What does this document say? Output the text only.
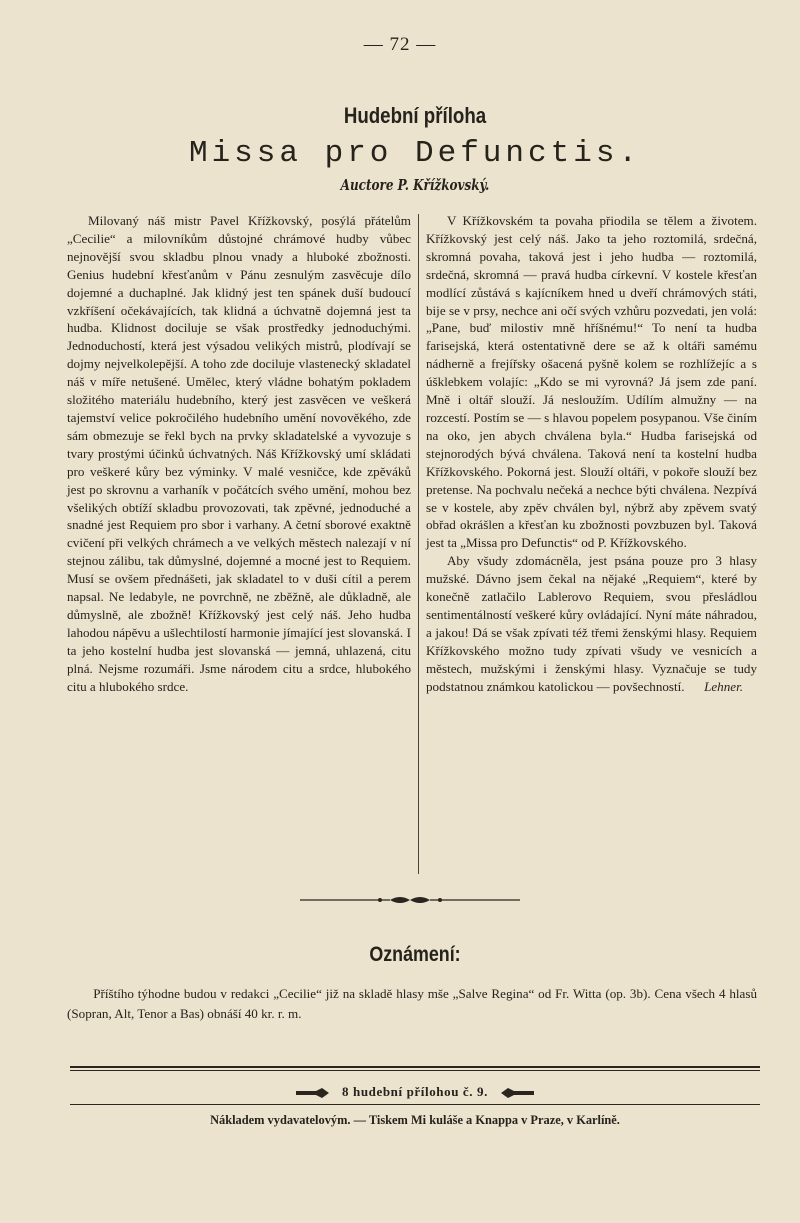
— 72 —
Hudební příloha
Missa pro Defunctis.
Auctore P. Křížkovský.

Milovaný náš mistr Pavel Křížkovský, posýlá přátelům „Cecilie“ a milovníkům důstojné chrámové hudby vůbec nejnovější svou skladbu plnou vnady a hluboké zbožnosti. Genius hudební křesťanům v Pánu zesnulým zasvěcuje dílo dojemné a duchaplné. Jak klidný jest ten spánek duší budoucí vzkříšení očekávajících, tak klidná a úchvatně dojemná jest ta hudba. Klidnost dociluje se však prostředky jednoduchými. Jednoduchostí, která jest výsadou velikých mistrů, plodívají se dojmy nejvelkolepější. A toho zde dociluje vlastenecký skladatel náš v míře netušené. Umělec, který vládne bohatým pokladem složitého materiálu hudebního, který jest zasvěcen ve veškerá tajemství velice pokročilého hudebního umění novověkého, zde sám obmezuje se řekl bych na prvky skladatelské a vyvozuje s tvary prostými účinků úchvatných. Náš Křížkovský umí skládati pro veškeré kůry bez výminky. V malé vesničce, kde zpěváků jest po skrovnu a varhaník v počátcích svého umění, mohou bez všelikých obtíží skladbu provozovati, tak zpěvné, jednoduché a snadné jest Requiem pro sbor i varhany. A četní sborové exaktně cvičení při velkých chrámech a ve velkých městech nalezají v ní stejnou zálibu, tak důmyslné, dojemné a mocné jest to Requiem. Musí se ovšem přednášeti, jak skladatel to v duši cítil a perem napsal. Ne ledabyle, ne povrchně, ne zběžně, ale důkladně, ale důmyslně, ale zbožně! Křížkovský jest celý náš. Jeho hudba lahodou nápěvu a ušlechtilostí harmonie jímající jest slovanská. I ta jeho kostelní hudba jest slovanská — jemná, uhlazená, citu plná. Nejsme rozumáři. Jsme národem citu a srdce, hlubokého citu a hlubokého srdce.

V Křížkovském ta povaha přiodila se tělem a životem. Křížkovský jest celý náš. Jako ta jeho roztomilá, srdečná, skromná povaha, taková jest i jeho hudba — roztomilá, srdečná, skromná — pravá hudba církevní. V kostele křesťan modlící zůstává s kajícníkem hned u dveří chrámových státi, bije se v prsy, nechce ani očí svých vzhůru pozvedati, jen volá: „Pane, buď milostiv mně hříšnému!“ To není ta hudba farisejská, která ostentativně dere se až k oltáři samému nádherně a frejířsky ošacená pyšně kolem se rozhlížejíc a s úšklebkem volajíc: „Kdo se mi vyrovná? Já jsem zde paní. Mně i oltář slouží. Já nesloužím. Udílím almužny — na rozcestí. Postím se — s hlavou popelem posypanou. Vše činím na oko, jen abych chválena byla.“ Hudba farisejská od stejnorodých bývá chválena. Taková není ta kostelní hudba Křížkovského. Pokorná jest. Slouží oltáři, v pokoře slouží bez pretense. Na pochvalu nečeká a nechce býti chválena. Nezpívá se v kostele, aby zpěv chválen byl, nýbrž aby zpěvem svatý obřad okrášlen a křesťan ku zbožnosti povzbuzen byl. Taková jest ta „Missa pro Defunctis“ od P. Křížkovského.

Aby všudy zdomácněla, jest psána pouze pro 3 hlasy mužské. Dávno jsem čekal na nějaké „Requiem“, které by konečně zatlačilo Lablerovo Requiem, svou přesládlou sentimentálností veškeré kůry ovládající. Nyní máte náhradou, a jakou! Dá se však zpívati též třemi ženskými hlasy. Requiem Křížkovského možno tudy zpívati všudy ve vesnicích a městech, mužskými i ženskými hlasy. Vyznačuje se tudy podstatnou známkou katolickou — povšechností.	Lehner.
Oznámení:

Příštího týhodne budou v redakci „Cecilie“ již na skladě hlasy mše „Salve Regina“ od Fr. Witta (op. 3b). Cena všech 4 hlasů (Sopran, Alt, Tenor a Bas) obnáší 40 kr. r. m.

8 hudební přílohou č. 9.
Nákladem vydavatelovým. — Tiskem Mi kuláše a Knappa v Praze, v Karlíně.
